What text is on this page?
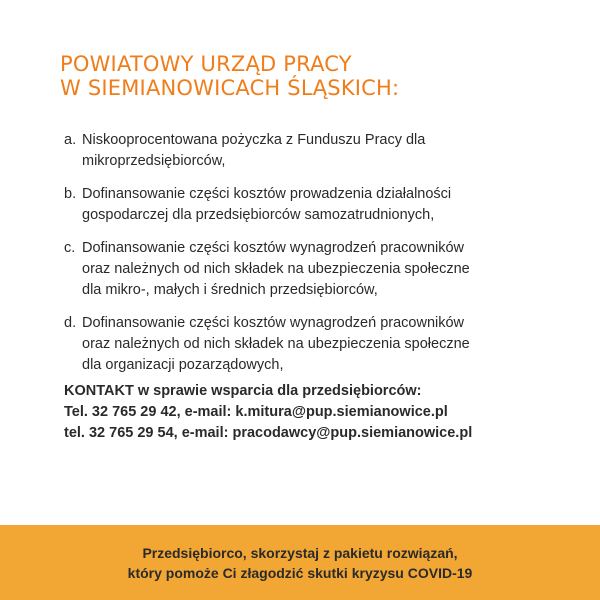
POWIATOWY URZĄD PRACY
W SIEMIANOWICACH ŚLĄSKICH:
a. Niskooprocentowana pożyczka z Funduszu Pracy dla
mikroprzedsiębiorców,
b. Dofinansowanie części kosztów prowadzenia działalności
gospodarczej dla przedsiębiorców samozatrudnionych,
c. Dofinansowanie części kosztów wynagrodzeń pracowników
oraz należnych od nich składek na ubezpieczenia społeczne
dla mikro-, małych i średnich przedsiębiorców,
d. Dofinansowanie części kosztów wynagrodzeń pracowników
oraz należnych od nich składek na ubezpieczenia społeczne
dla organizacji pozarządowych,
KONTAKT w sprawie wsparcia dla przedsiębiorców:
Tel. 32 765 29 42, e-mail: k.mitura@pup.siemianowice.pl
tel. 32 765 29 54, e-mail: pracodawcy@pup.siemianowice.pl
Przedsiębiorco, skorzystaj z pakietu rozwiązań,
który pomoże Ci złagodzić skutki kryzysu COVID-19
